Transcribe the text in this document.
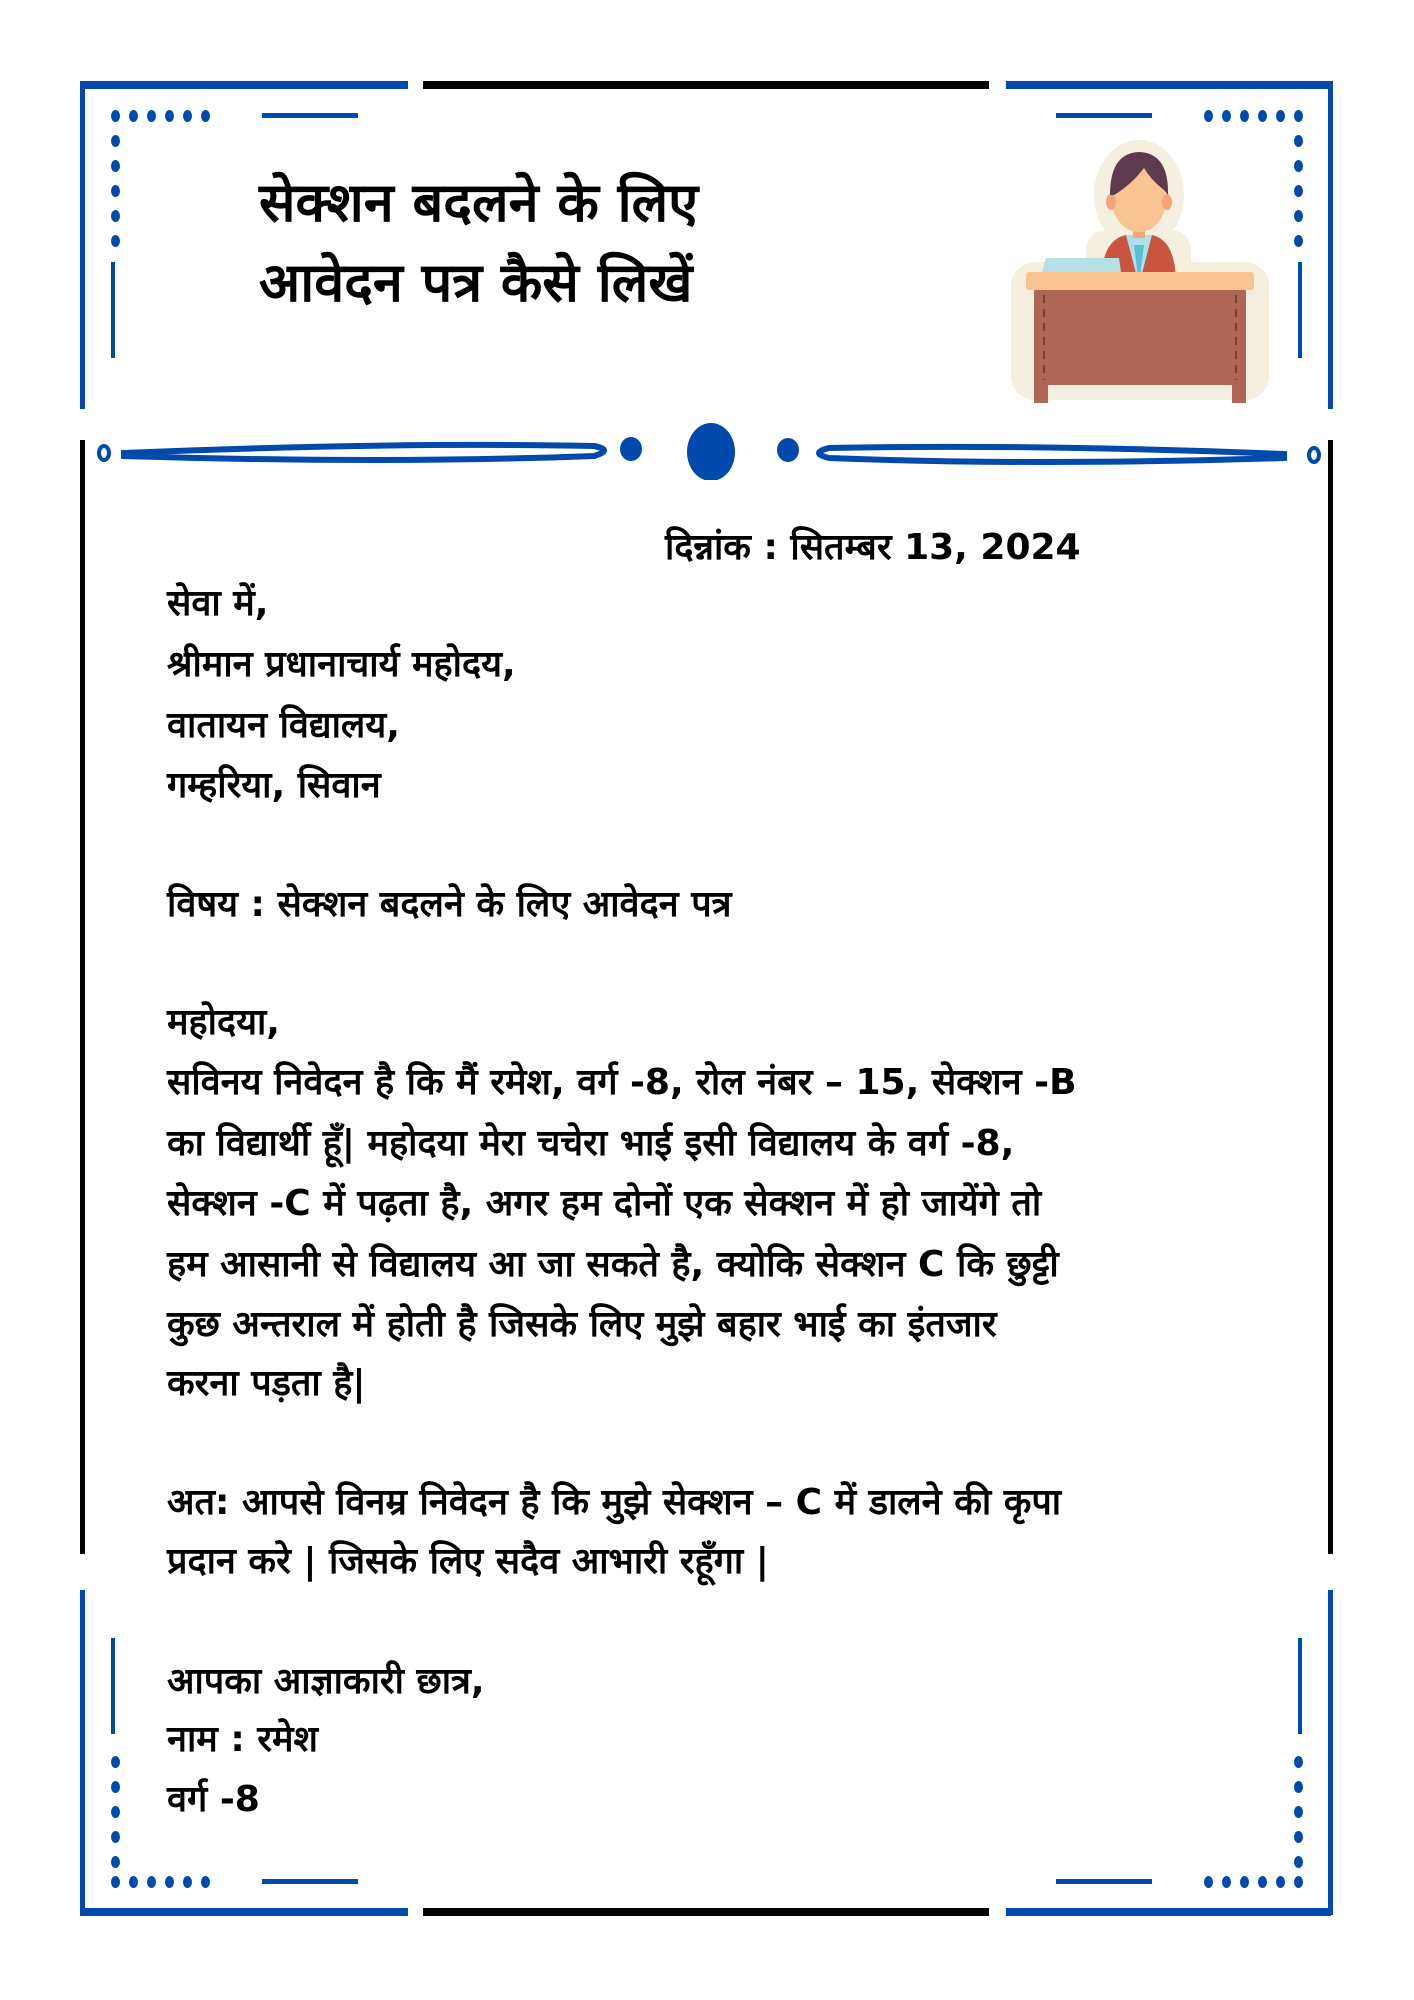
सेक्शन बदलने के लिए
आवेदन पत्र कैसे लिखें
दिन्नांक : सितम्बर 13, 2024
सेवा में,
श्रीमान प्रधानाचार्य महोदय,
वातायन विद्यालय,
गम्हरिया, सिवान
विषय : सेक्शन बदलने के लिए आवेदन पत्र
महोदया,
सविनय निवेदन है कि मैं रमेश, वर्ग -8, रोल नंबर – 15, सेक्शन -B
का विद्यार्थी हूँ| महोदया मेरा चचेरा भाई इसी विद्यालय के वर्ग -8,
सेक्शन -C में पढ़ता है, अगर हम दोनों एक सेक्शन में हो जायेंगे तो
हम आसानी से विद्यालय आ जा सकते है, क्योकि सेक्शन C कि छुट्टी
कुछ अन्तराल में होती है जिसके लिए मुझे बहार भाई का इंतजार
करना पड़ता है|
अत: आपसे विनम्र निवेदन है कि मुझे सेक्शन – C में डालने की कृपा
प्रदान करे | जिसके लिए सदैव आभारी रहूँगा |
आपका आज्ञाकारी छात्र,
नाम : रमेश
वर्ग -8
